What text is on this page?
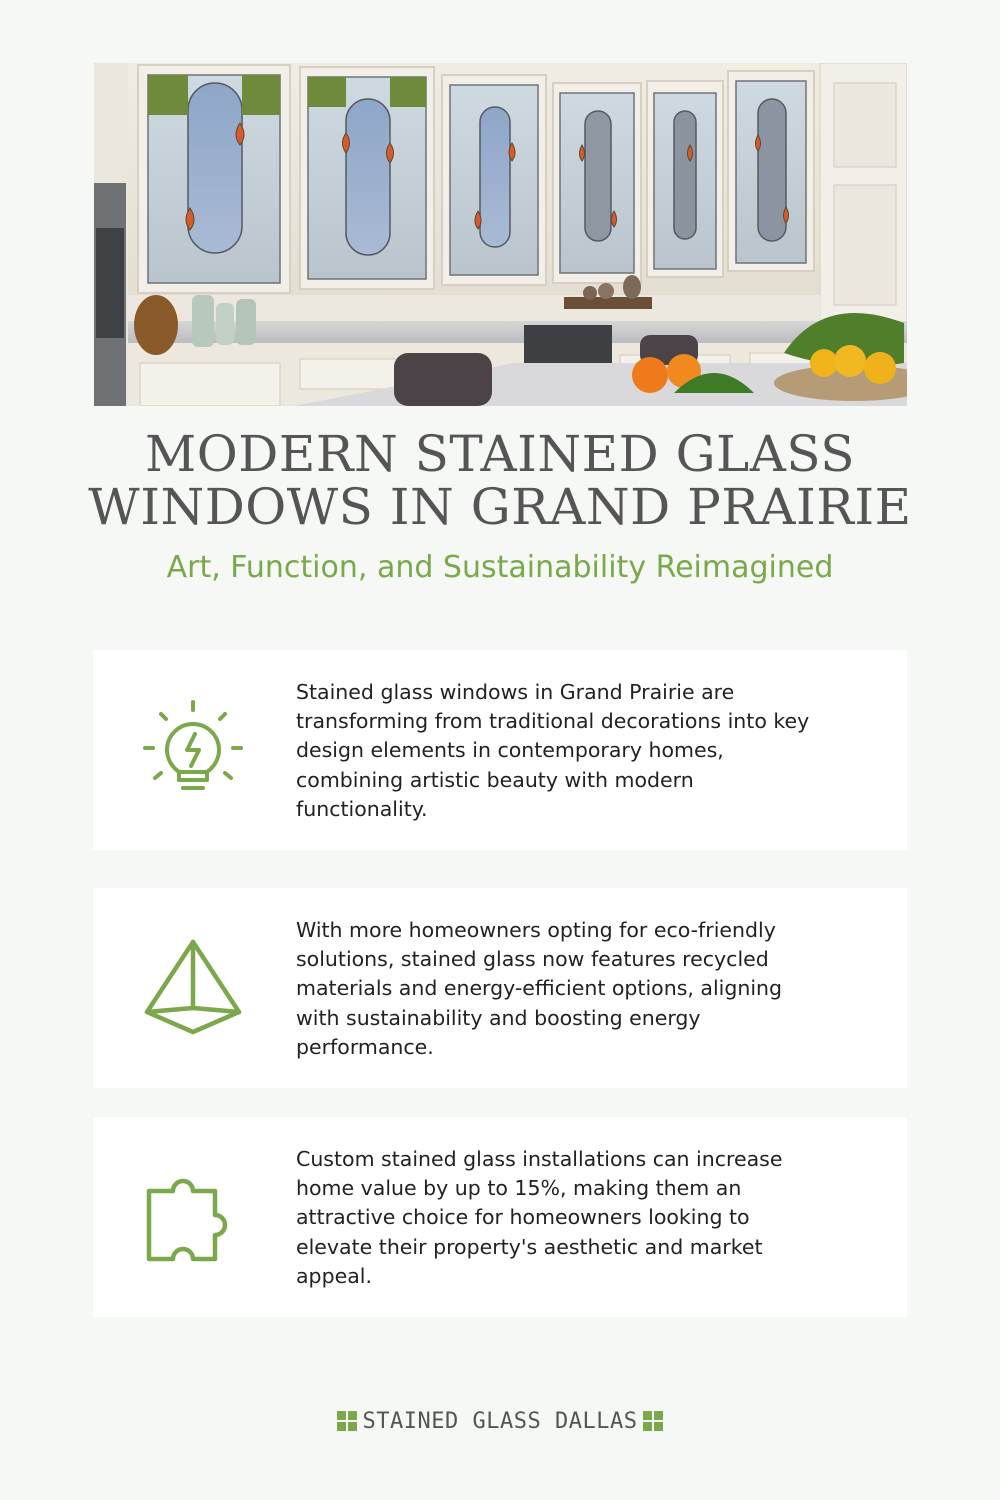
MODERN STAINED GLASS
WINDOWS IN GRAND PRAIRIE
Art, Function, and Sustainability Reimagined
Stained glass windows in Grand Prairie are transforming from traditional decorations into key design elements in contemporary homes, combining artistic beauty with modern functionality.
With more homeowners opting for eco-friendly solutions, stained glass now features recycled materials and energy-efficient options, aligning with sustainability and boosting energy performance.
Custom stained glass installations can increase home value by up to 15%, making them an attractive choice for homeowners looking to elevate their property's aesthetic and market appeal.
STAINED GLASS DALLAS
